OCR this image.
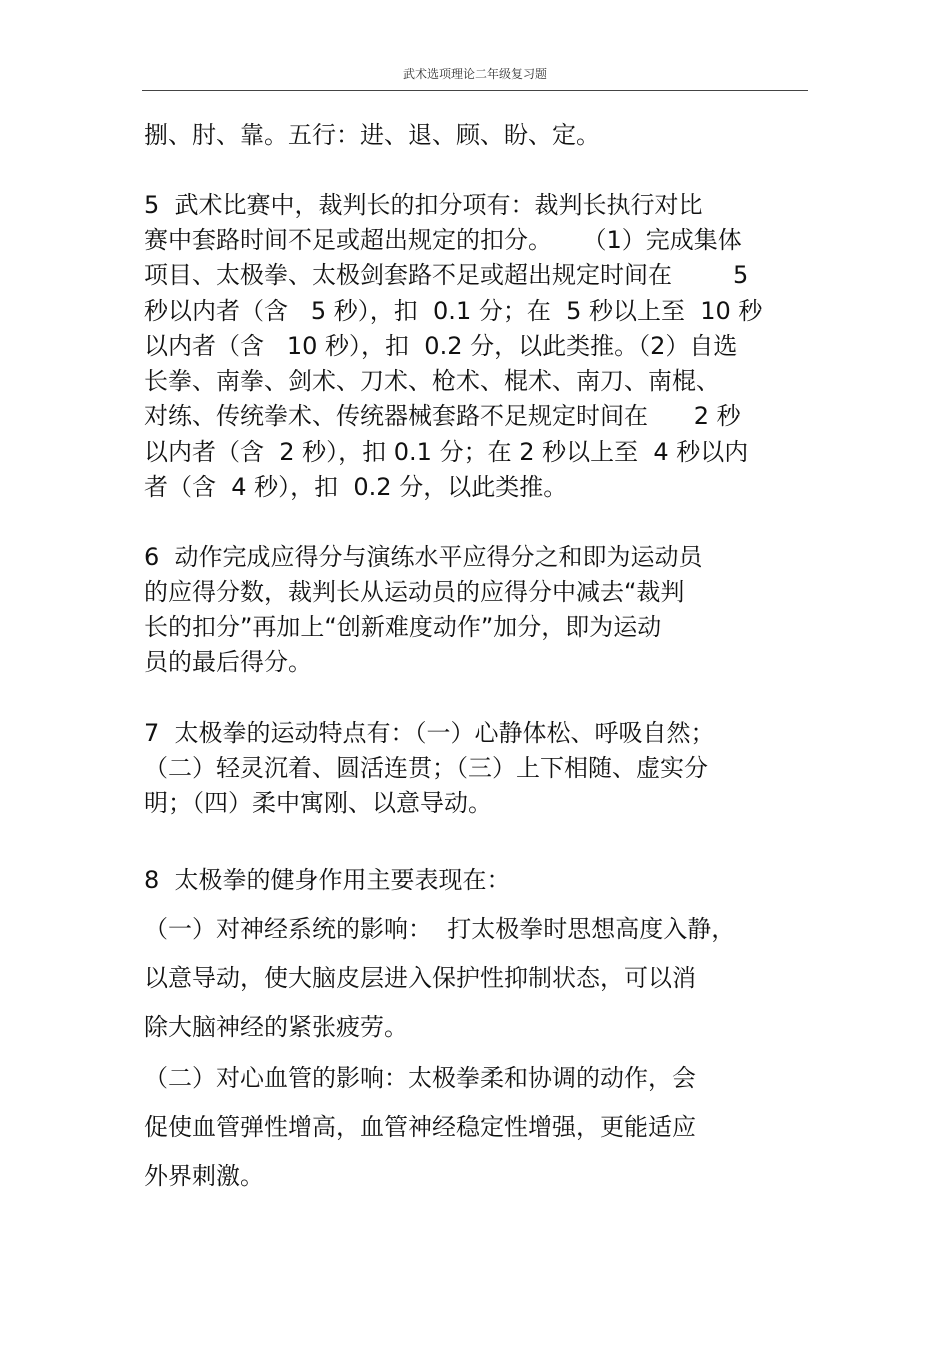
武术选项理论二年级复习题
捌、肘、靠。五行：进、退、顾、盼、定。
5  武术比赛中，裁判长的扣分项有：裁判长执行对比
赛中套路时间不足或超出规定的扣分。    （1）完成集体
项目、太极拳、太极剑套路不足或超出规定时间在        5
秒以内者（含   5 秒），扣  0.1 分；在  5 秒以上至  10 秒
以内者（含   10 秒），扣  0.2 分，以此类推。（2）自选
长拳、南拳、剑术、刀术、枪术、棍术、南刀、南棍、
对练、传统拳术、传统器械套路不足规定时间在      2 秒
以内者（含  2 秒），扣 0.1 分；在 2 秒以上至  4 秒以内
者（含  4 秒），扣  0.2 分，以此类推。
6  动作完成应得分与演练水平应得分之和即为运动员
的应得分数，裁判长从运动员的应得分中减去“裁判
长的扣分”再加上“创新难度动作”加分，即为运动
员的最后得分。
7  太极拳的运动特点有：（一）心静体松、呼吸自然；
（二）轻灵沉着、圆活连贯；（三）上下相随、虚实分
明；（四）柔中寓刚、以意导动。
8  太极拳的健身作用主要表现在：
（一）对神经系统的影响：  打太极拳时思想高度入静，
以意导动，使大脑皮层进入保护性抑制状态，可以消
除大脑神经的紧张疲劳。
（二）对心血管的影响：太极拳柔和协调的动作，会
促使血管弹性增高，血管神经稳定性增强，更能适应
外界刺激。
